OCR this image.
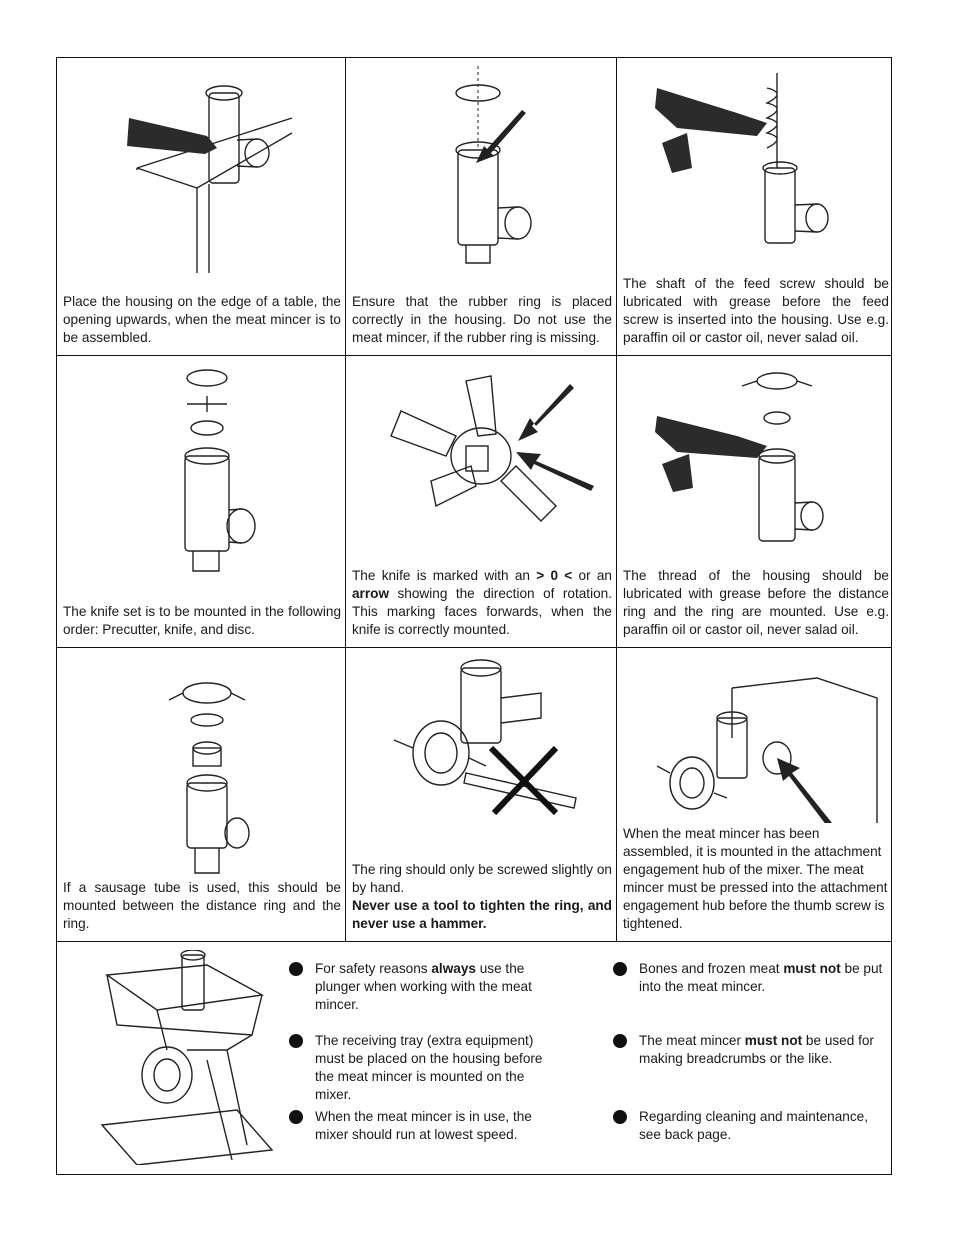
Place the housing on the edge of a table, the opening upwards, when the meat mincer is to be assembled.
Ensure that the rubber ring is placed correctly in the housing. Do not use the meat mincer, if the rubber ring is missing.
The shaft of the feed screw should be lubricated with grease before the feed screw is inserted into the housing. Use e.g. paraffin oil or castor oil, never salad oil.
The knife set is to be mounted in the following order: Precutter, knife, and disc.
The knife is marked with an > 0 < or an arrow showing the direction of rotation. This marking faces forwards, when the knife is correctly mounted.
The thread of the housing should be lubricated with grease before the distance ring and the ring are mounted. Use e.g. paraffin oil or castor oil, never salad oil.
If a sausage tube is used, this should be mounted between the distance ring and the ring.
The ring should only be screwed slightly on by hand.
Never use a tool to tighten the ring, and never use a hammer.
When the meat mincer has been assembled, it is mounted in the attachment engagement hub of the mixer. The meat mincer must be pressed into the attachment engagement hub before the thumb screw is tightened.
For safety reasons always use the plunger when working with the meat mincer.
The receiving tray (extra equipment) must be placed on the housing before the meat mincer is mounted on the mixer.
When the meat mincer is in use, the mixer should run at lowest speed.
Bones and frozen meat must not be put into the meat mincer.
The meat mincer must not be used for making breadcrumbs or the like.
Regarding cleaning and maintenance, see back page.
